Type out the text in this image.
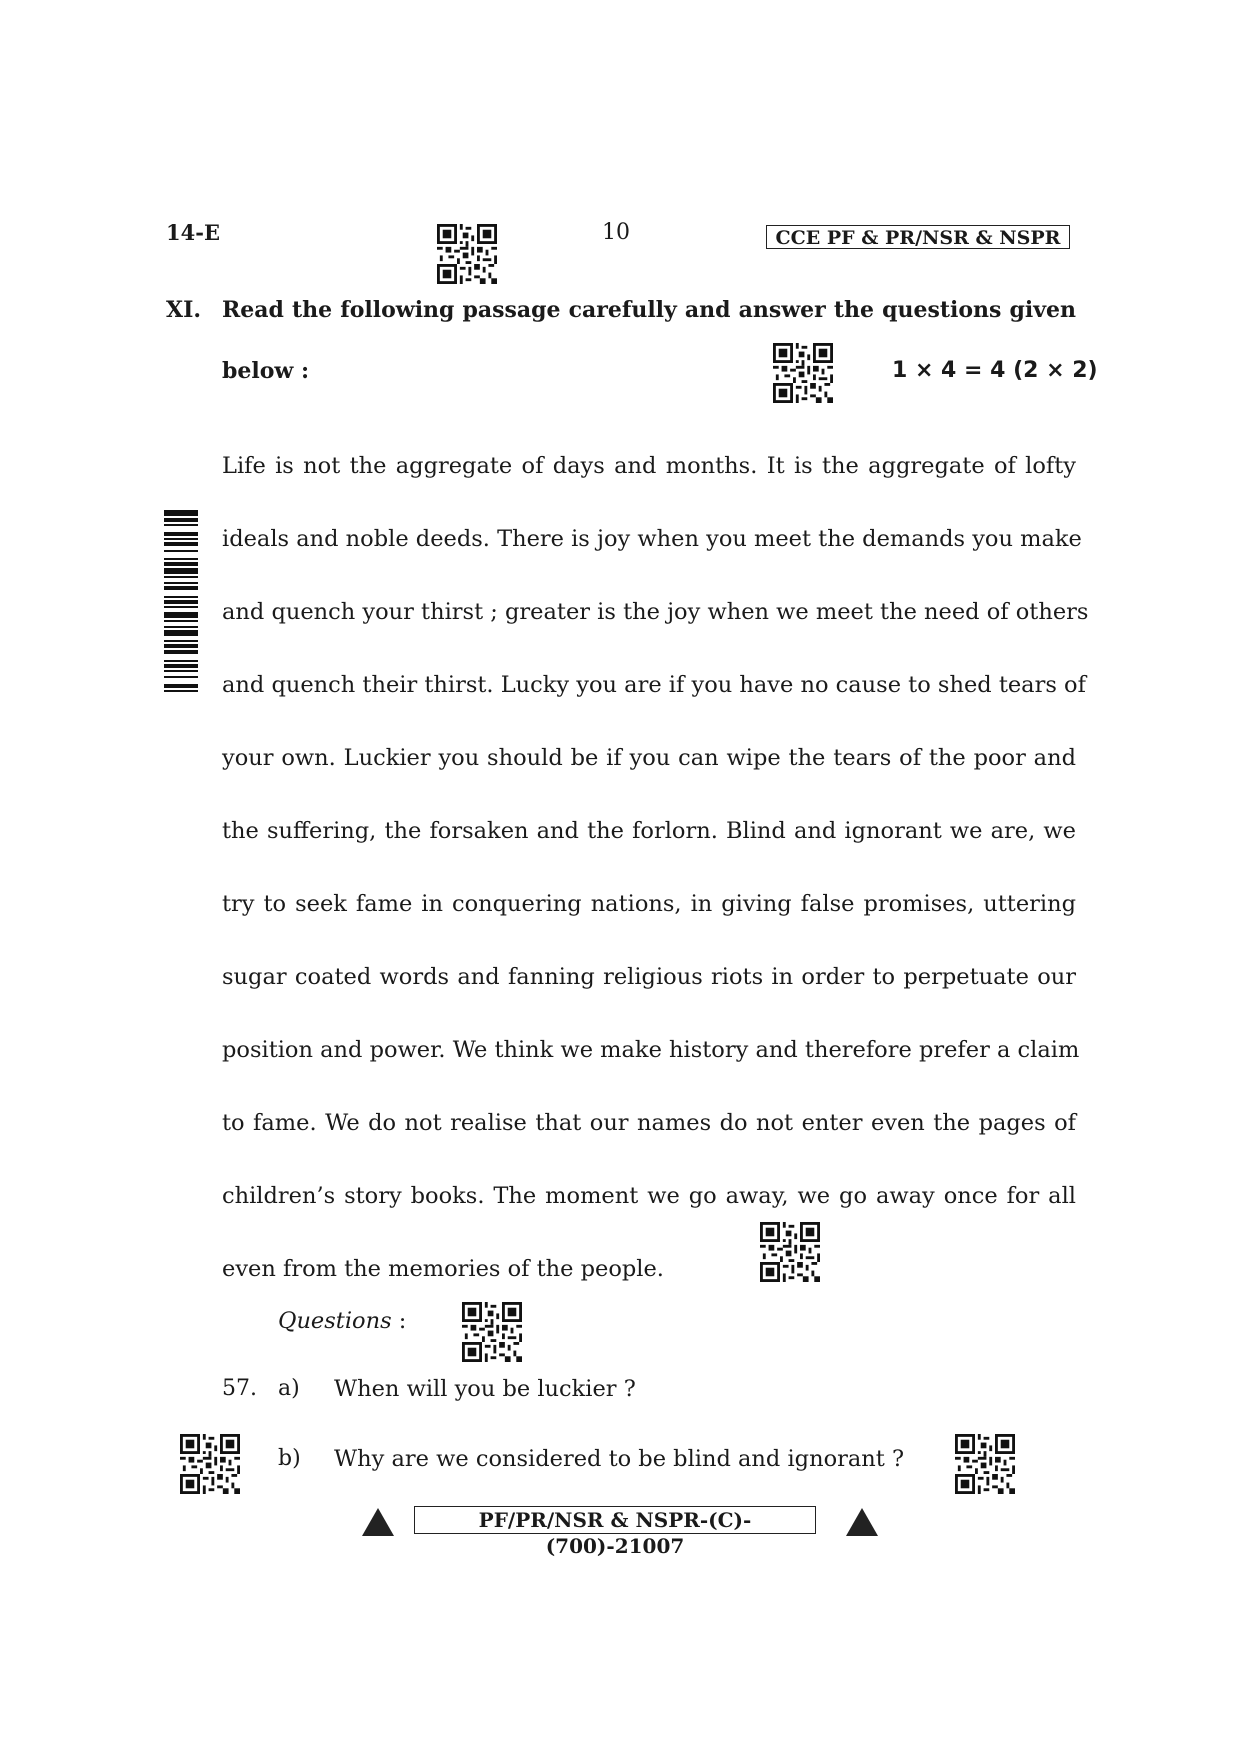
14-E	10	CCE PF & PR/NSR & NSPR
XI. Read the following passage carefully and answer the questions given
below :	1 × 4 = 4 (2 × 2)
Life is not the aggregate of days and months. It is the aggregate of lofty
ideals and noble deeds. There is joy when you meet the demands you make
and quench your thirst ; greater is the joy when we meet the need of others
and quench their thirst. Lucky you are if you have no cause to shed tears of
your own. Luckier you should be if you can wipe the tears of the poor and
the suffering, the forsaken and the forlorn. Blind and ignorant we are, we
try to seek fame in conquering nations, in giving false promises, uttering
sugar coated words and fanning religious riots in order to perpetuate our
position and power. We think we make history and therefore prefer a claim
to fame. We do not realise that our names do not enter even the pages of
children’s story books. The moment we go away, we go away once for all
even from the memories of the people.
Questions :
57. a) When will you be luckier ?
b) Why are we considered to be blind and ignorant ?
PF/PR/NSR & NSPR-(C)-(700)-21007
